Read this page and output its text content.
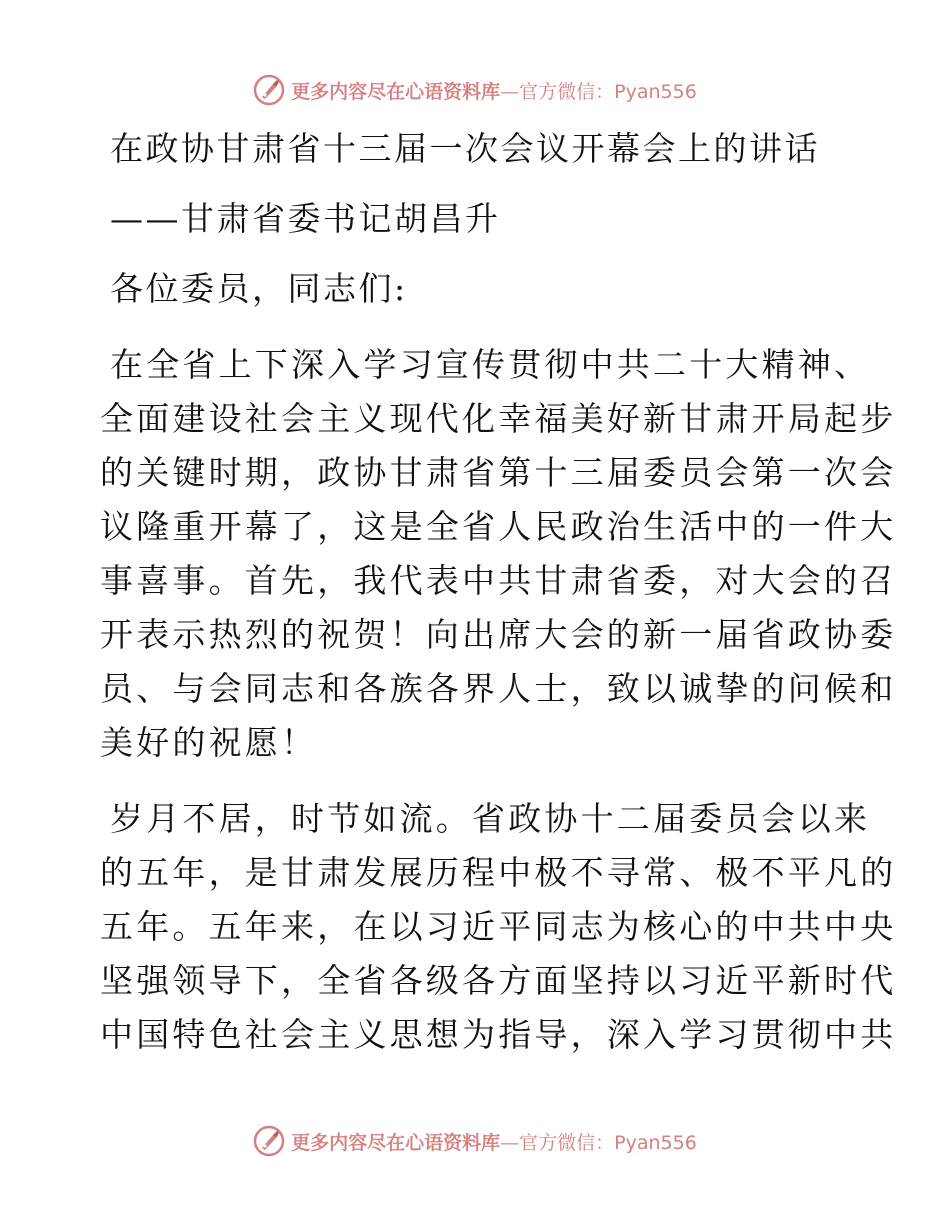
更多内容尽在心语资料库—官方微信：Pyan556
在政协甘肃省十三届一次会议开幕会上的讲话
——甘肃省委书记胡昌升
各位委员，同志们:
在全省上下深入学习宣传贯彻中共二十大精神、
全面建设社会主义现代化幸福美好新甘肃开局起步
的关键时期，政协甘肃省第十三届委员会第一次会
议隆重开幕了，这是全省人民政治生活中的一件大
事喜事。首先，我代表中共甘肃省委，对大会的召
开表示热烈的祝贺！向出席大会的新一届省政协委
员、与会同志和各族各界人士，致以诚挚的问候和
美好的祝愿！
岁月不居，时节如流。省政协十二届委员会以来
的五年，是甘肃发展历程中极不寻常、极不平凡的
五年。五年来，在以习近平同志为核心的中共中央
坚强领导下，全省各级各方面坚持以习近平新时代
中国特色社会主义思想为指导，深入学习贯彻中共
更多内容尽在心语资料库—官方微信：Pyan556
